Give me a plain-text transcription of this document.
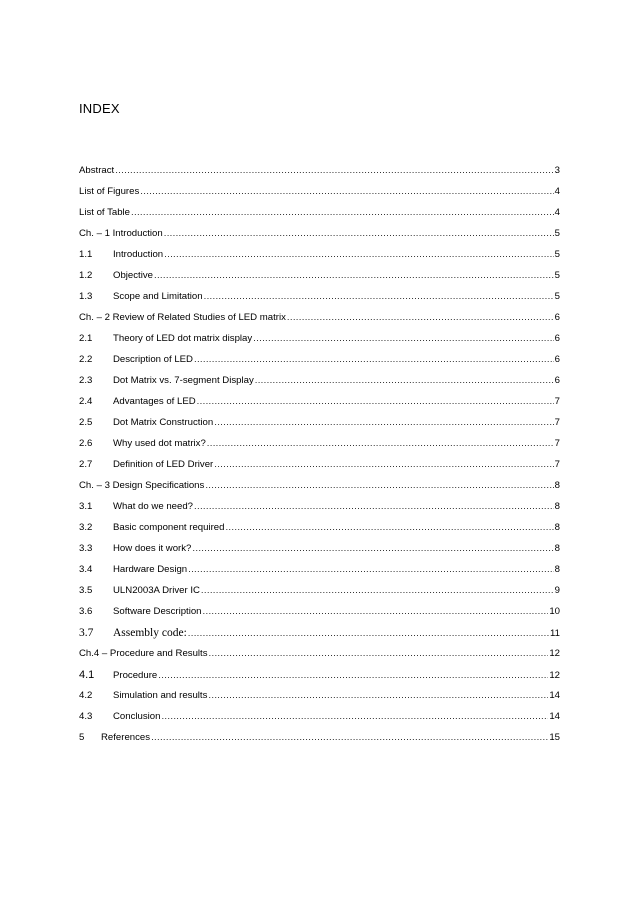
INDEX
Abstract .....	3
List of Figures .....	4
List of Table .....	4
Ch. – 1 Introduction .....	5
1.1	Introduction .....	5
1.2	Objective .....	5
1.3	Scope and Limitation .....	5
Ch. – 2 Review of Related Studies of LED matrix .....	6
2.1	Theory of LED dot matrix display .....	6
2.2	Description of LED .....	6
2.3	Dot Matrix vs. 7-segment Display .....	6
2.4	Advantages of LED .....	7
2.5	Dot Matrix Construction .....	7
2.6	Why used dot matrix? .....	7
2.7	Definition of LED Driver .....	7
Ch. – 3 Design Specifications .....	8
3.1	What do we need? .....	8
3.2	Basic component required .....	8
3.3	How does it work? .....	8
3.4	Hardware Design .....	8
3.5	ULN2003A Driver IC .....	9
3.6	Software Description .....	10
3.7	Assembly code: .....	11
Ch.4 – Procedure and Results .....	12
4.1	Procedure .....	12
4.2	Simulation and results .....	14
4.3	Conclusion .....	14
5	References .....	15
